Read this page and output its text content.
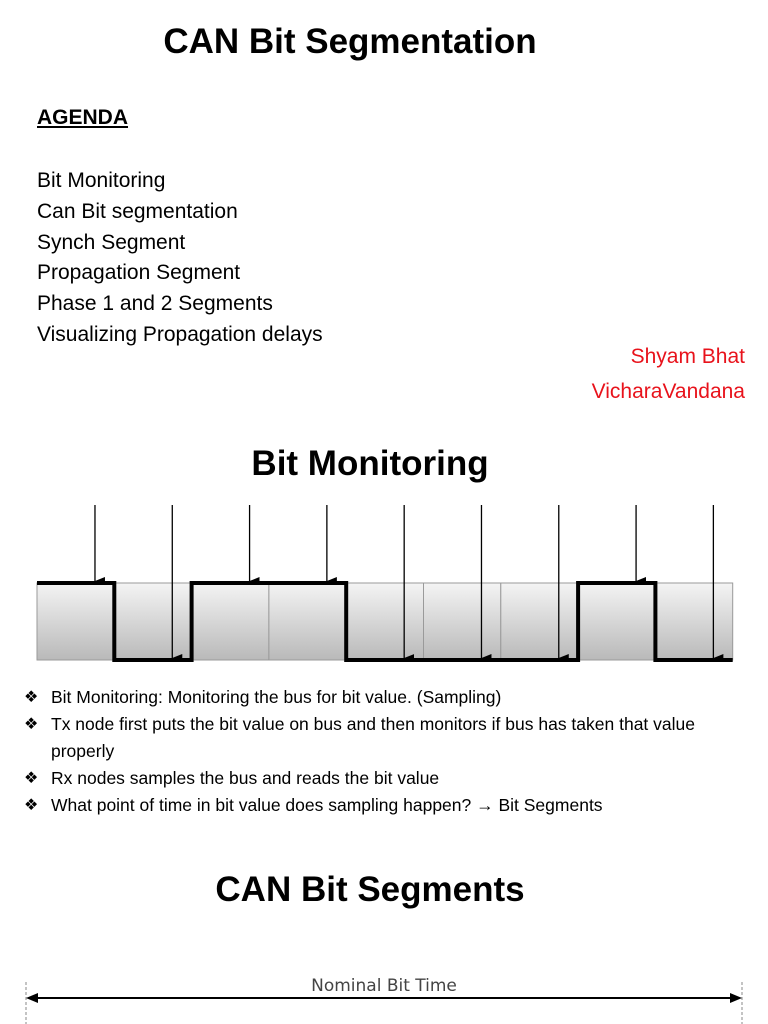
CAN Bit Segmentation
AGENDA
Bit Monitoring
Can Bit segmentation
Synch Segment
Propagation Segment
Phase 1 and 2 Segments
Visualizing Propagation delays
Shyam Bhat
VicharaVandana
Bit Monitoring
❖ Bit Monitoring: Monitoring the bus for bit value. (Sampling)
❖ Tx node first puts the bit value on bus and then monitors if bus has taken that value properly
❖ Rx nodes samples the bus and reads the bit value
❖ What point of time in bit value does sampling happen? → Bit Segments
CAN Bit Segments
Nominal Bit Time
